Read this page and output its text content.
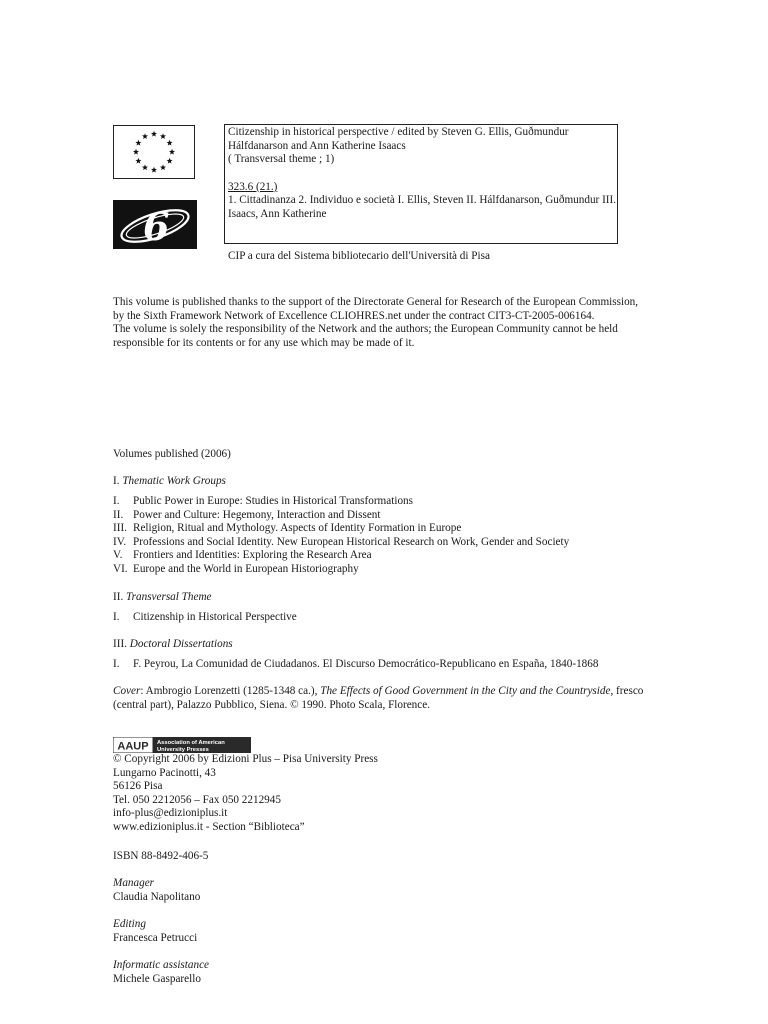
6
Citizenship in historical perspective / edited by Steven G. Ellis, Guðmundur
Hálfdanarson and Ann Katherine Isaacs
( Transversal theme ; 1)
323.6 (21.)
1. Cittadinanza 2. Individuo e società I. Ellis, Steven II. Hálfdanarson, Guðmundur III.
Isaacs, Ann Katherine
CIP a cura del Sistema bibliotecario dell'Università di Pisa
This volume is published thanks to the support of the Directorate General for Research of the European Commission,
by the Sixth Framework Network of Excellence CLIOHRES.net under the contract CIT3-CT-2005-006164.
The volume is solely the responsibility of the Network and the authors; the European Community cannot be held
responsible for its contents or for any use which may be made of it.
Volumes published (2006)
I. Thematic Work Groups
I.	Public Power in Europe: Studies in Historical Transformations
II. Power and Culture: Hegemony, Interaction and Dissent
III. Religion, Ritual and Mythology. Aspects of Identity Formation in Europe
IV. Professions and Social Identity. New European Historical Research on Work, Gender and Society
V. Frontiers and Identities: Exploring the Research Area
VI. Europe and the World in European Historiography
II. Transversal Theme
I.	Citizenship in Historical Perspective
III. Doctoral Dissertations
I.	F. Peyrou, La Comunidad de Ciudadanos. El Discurso Democrático-Republicano en España, 1840-1868
Cover: Ambrogio Lorenzetti (1285-1348 ca.), The Effects of Good Government in the City and the Countryside, fresco
(central part), Palazzo Pubblico, Siena. © 1990. Photo Scala, Florence.
AAUP Association of American
University Presses
© Copyright 2006 by Edizioni Plus – Pisa University Press
Lungarno Pacinotti, 43
56126 Pisa
Tel. 050 2212056 – Fax 050 2212945
info-plus@edizioniplus.it
www.edizioniplus.it - Section “Biblioteca”
ISBN 88-8492-406-5
Manager
Claudia Napolitano
Editing
Francesca Petrucci
Informatic assistance
Michele Gasparello
